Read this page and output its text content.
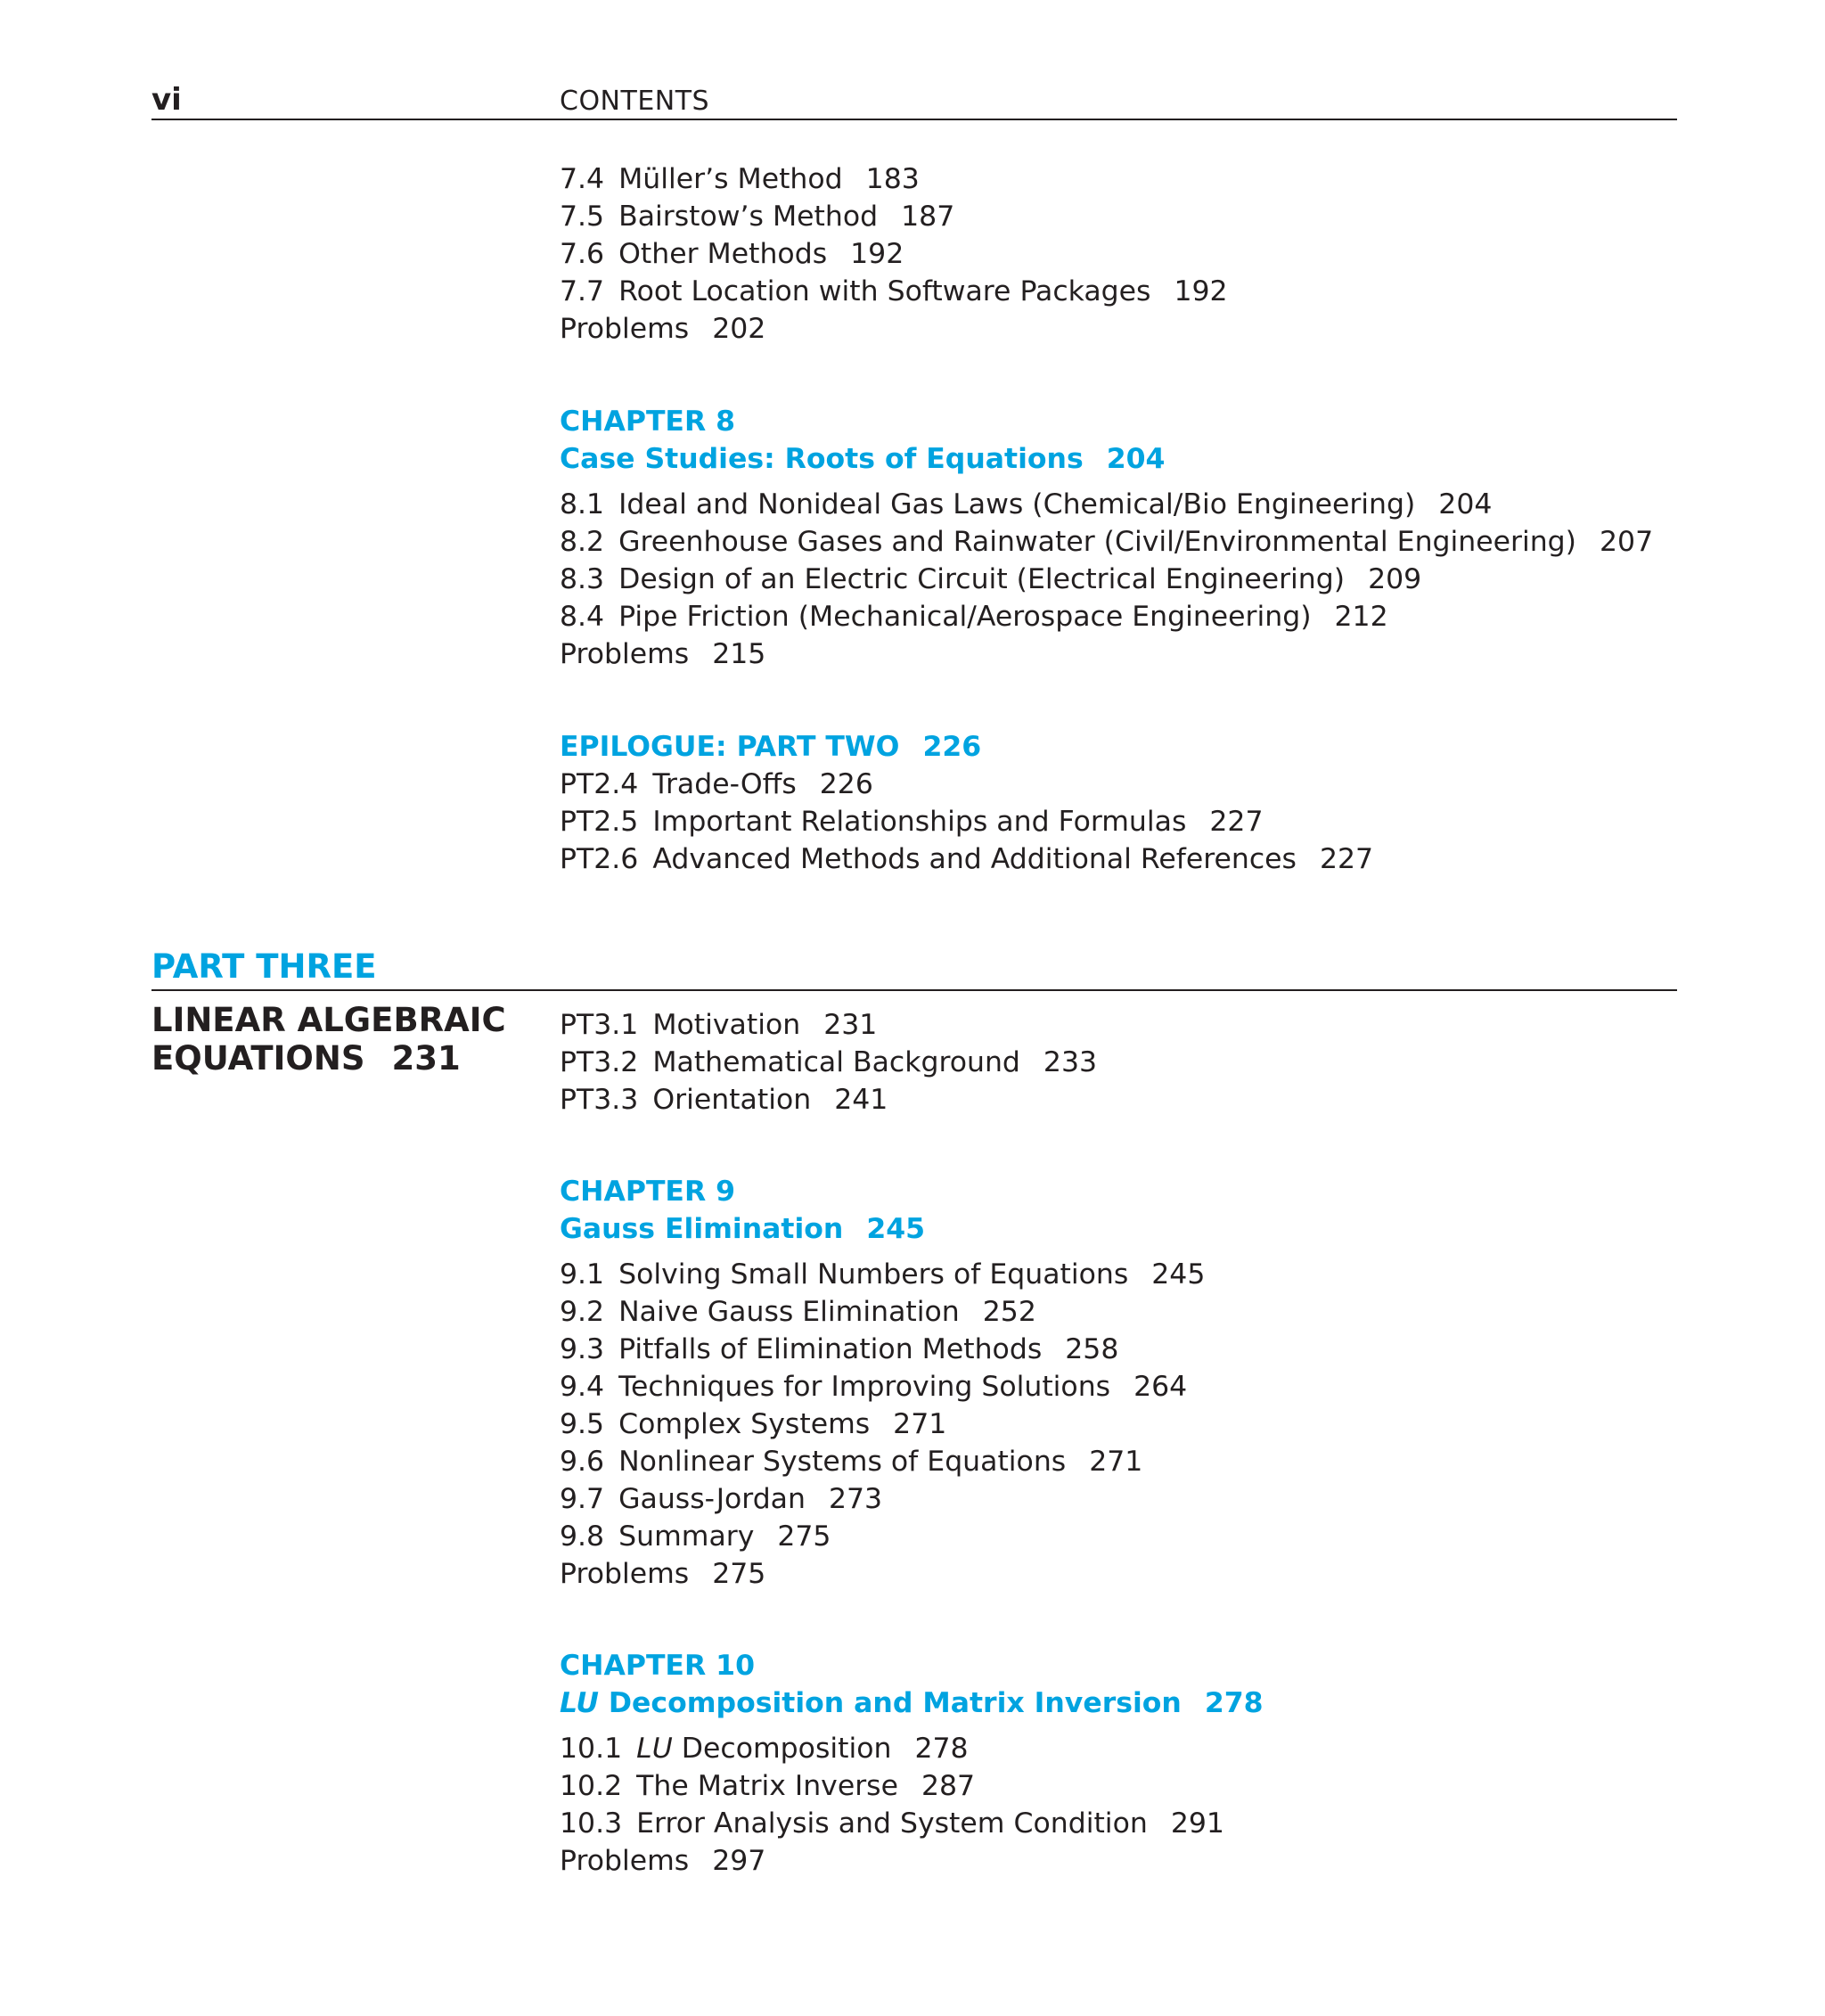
vi	CONTENTS
7.4 Müller’s Method 183
7.5 Bairstow’s Method 187
7.6 Other Methods 192
7.7 Root Location with Software Packages 192
Problems 202
CHAPTER 8
Case Studies: Roots of Equations 204
8.1 Ideal and Nonideal Gas Laws (Chemical/Bio Engineering) 204
8.2 Greenhouse Gases and Rainwater (Civil/Environmental Engineering) 207
8.3 Design of an Electric Circuit (Electrical Engineering) 209
8.4 Pipe Friction (Mechanical/Aerospace Engineering) 212
Problems 215
EPILOGUE: PART TWO 226
PT2.4 Trade-Offs 226
PT2.5 Important Relationships and Formulas 227
PT2.6 Advanced Methods and Additional References 227
PART THREE
LINEAR ALGEBRAIC
EQUATIONS 231
PT3.1 Motivation 231
PT3.2 Mathematical Background 233
PT3.3 Orientation 241
CHAPTER 9
Gauss Elimination 245
9.1 Solving Small Numbers of Equations 245
9.2 Naive Gauss Elimination 252
9.3 Pitfalls of Elimination Methods 258
9.4 Techniques for Improving Solutions 264
9.5 Complex Systems 271
9.6 Nonlinear Systems of Equations 271
9.7 Gauss-Jordan 273
9.8 Summary 275
Problems 275
CHAPTER 10
LU Decomposition and Matrix Inversion 278
10.1 LU Decomposition 278
10.2 The Matrix Inverse 287
10.3 Error Analysis and System Condition 291
Problems 297
